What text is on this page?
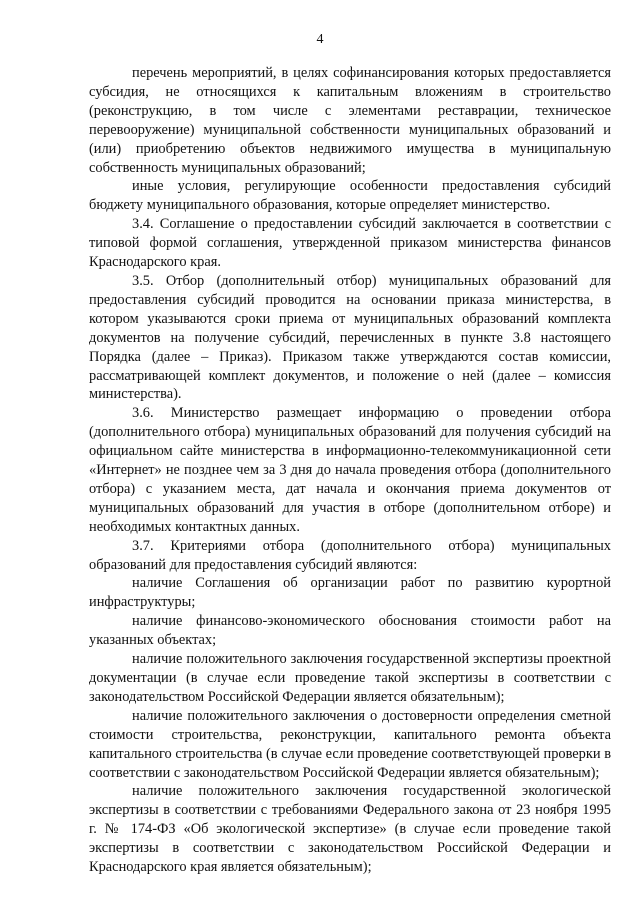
4

перечень мероприятий, в целях софинансирования которых предоставляется субсидия, не относящихся к капитальным вложениям в строительство (реконструкцию, в том числе с элементами реставрации, техническое перевооружение) муниципальной собственности муниципальных образований и (или) приобретению объектов недвижимого имущества в муниципальную собственность муниципальных образований;

иные условия, регулирующие особенности предоставления субсидий бюджету муниципального образования, которые определяет министерство.

3.4. Соглашение о предоставлении субсидий заключается в соответствии с типовой формой соглашения, утвержденной приказом министерства финансов Краснодарского края.

3.5. Отбор (дополнительный отбор) муниципальных образований для предоставления субсидий проводится на основании приказа министерства, в котором указываются сроки приема от муниципальных образований комплекта документов на получение субсидий, перечисленных в пункте 3.8 настоящего Порядка (далее – Приказ). Приказом также утверждаются состав комиссии, рассматривающей комплект документов, и положение о ней (далее – комиссия министерства).

3.6. Министерство размещает информацию о проведении отбора (дополнительного отбора) муниципальных образований для получения субсидий на официальном сайте министерства в информационно-телекоммуникационной сети «Интернет» не позднее чем за 3 дня до начала проведения отбора (дополнительного отбора) с указанием места, дат начала и окончания приема документов от муниципальных образований для участия в отборе (дополнительном отборе) и необходимых контактных данных.

3.7. Критериями отбора (дополнительного отбора) муниципальных образований для предоставления субсидий являются:

наличие Соглашения об организации работ по развитию курортной инфраструктуры;

наличие финансово-экономического обоснования стоимости работ на указанных объектах;

наличие положительного заключения государственной экспертизы проектной документации (в случае если проведение такой экспертизы в соответствии с законодательством Российской Федерации является обязательным);

наличие положительного заключения о достоверности определения сметной стоимости строительства, реконструкции, капитального ремонта объекта капитального строительства (в случае если проведение соответствующей проверки в соответствии с законодательством Российской Федерации является обязательным);

наличие положительного заключения государственной экологической экспертизы в соответствии с требованиями Федерального закона от 23 ноября 1995 г. № 174-ФЗ «Об экологической экспертизе» (в случае если проведение такой экспертизы в соответствии с законодательством Российской Федерации и Краснодарского края является обязательным);
